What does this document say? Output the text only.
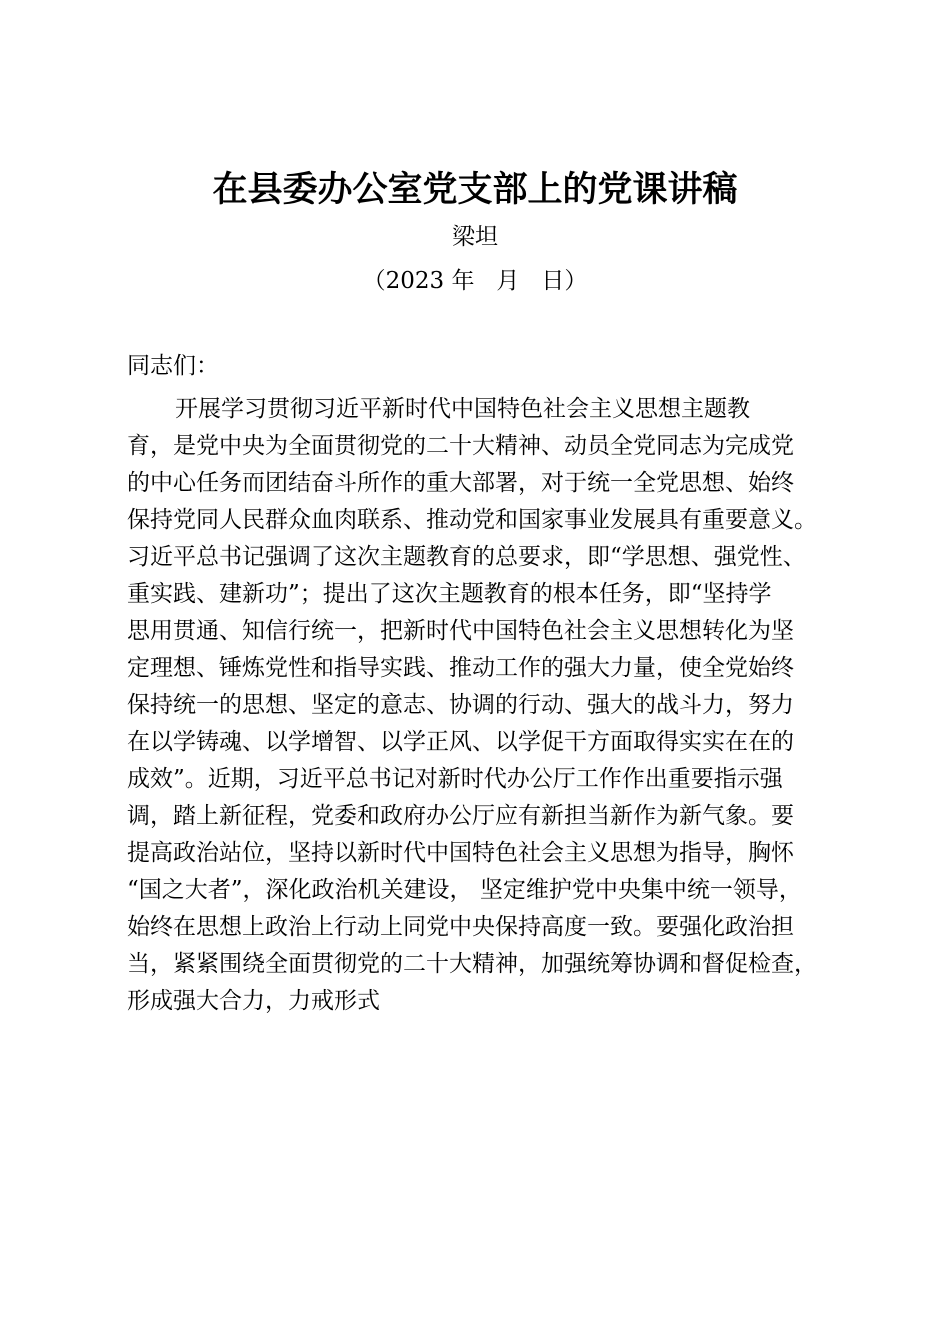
在县委办公室党支部上的党课讲稿
梁坦
（2023 年   月   日）
同志们：
开展学习贯彻习近平新时代中国特色社会主义思想主题教
育，是党中央为全面贯彻党的二十大精神、动员全党同志为完成党
的中心任务而团结奋斗所作的重大部署，对于统一全党思想、始终
保持党同人民群众血肉联系、推动党和国家事业发展具有重要意义。
习近平总书记强调了这次主题教育的总要求，即“学思想、强党性、
重实践、建新功”；提出了这次主题教育的根本任务，即“坚持学
思用贯通、知信行统一，把新时代中国特色社会主义思想转化为坚
定理想、锤炼党性和指导实践、推动工作的强大力量，使全党始终
保持统一的思想、坚定的意志、协调的行动、强大的战斗力，努力
在以学铸魂、以学增智、以学正风、以学促干方面取得实实在在的
成效”。近期，习近平总书记对新时代办公厅工作作出重要指示强
调，踏上新征程，党委和政府办公厅应有新担当新作为新气象。要
提高政治站位，坚持以新时代中国特色社会主义思想为指导，胸怀
“国之大者”，深化政治机关建设， 坚定维护党中央集中统一领导，
始终在思想上政治上行动上同党中央保持高度一致。要强化政治担
当，紧紧围绕全面贯彻党的二十大精神，加强统筹协调和督促检查，
形成强大合力，力戒形式
